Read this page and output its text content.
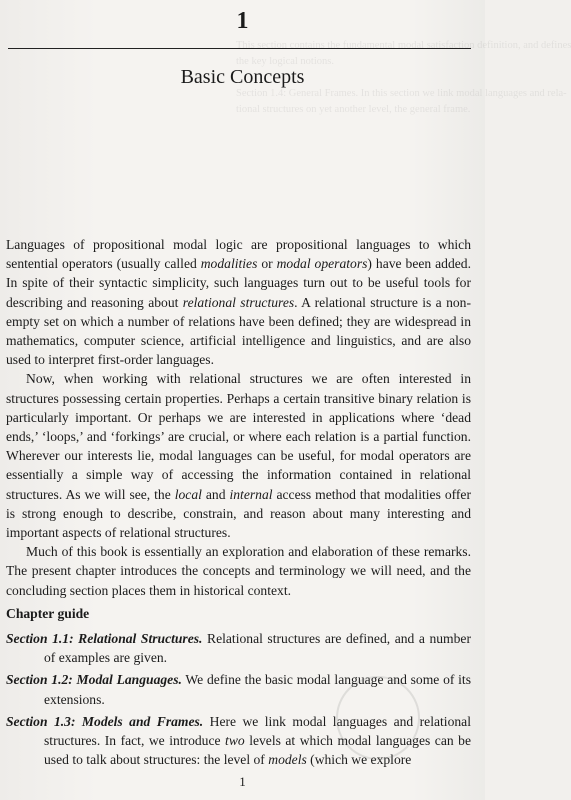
This section contains the fundamental modal satisfaction definition, and defines
the key logical notions.

Section 1.4: General Frames. In this section we link modal languages and rela-
tional structures on yet another level, the general frame.
1
Basic Concepts

Languages of propositional modal logic are propositional languages to which sentential operators (usually called modalities or modal operators) have been added. In spite of their syntactic simplicity, such languages turn out to be useful tools for describing and reasoning about relational structures. A relational structure is a non-empty set on which a number of relations have been defined; they are widespread in mathematics, computer science, artificial intelligence and linguistics, and are also used to interpret first-order languages.

Now, when working with relational structures we are often interested in structures possessing certain properties. Perhaps a certain transitive binary relation is particularly important. Or perhaps we are interested in applications where ‘dead ends,’ ‘loops,’ and ‘forkings’ are crucial, or where each relation is a partial function. Wherever our interests lie, modal languages can be useful, for modal operators are essentially a simple way of accessing the information contained in relational structures. As we will see, the local and internal access method that modalities offer is strong enough to describe, constrain, and reason about many interesting and important aspects of relational structures.

Much of this book is essentially an exploration and elaboration of these remarks. The present chapter introduces the concepts and terminology we will need, and the concluding section places them in historical context.

Chapter guide
Section 1.1: Relational Structures. Relational structures are defined, and a number of examples are given.
Section 1.2: Modal Languages. We define the basic modal language and some of its extensions.
Section 1.3: Models and Frames. Here we link modal languages and relational structures. In fact, we introduce two levels at which modal languages can be used to talk about structures: the level of models (which we explore
1
